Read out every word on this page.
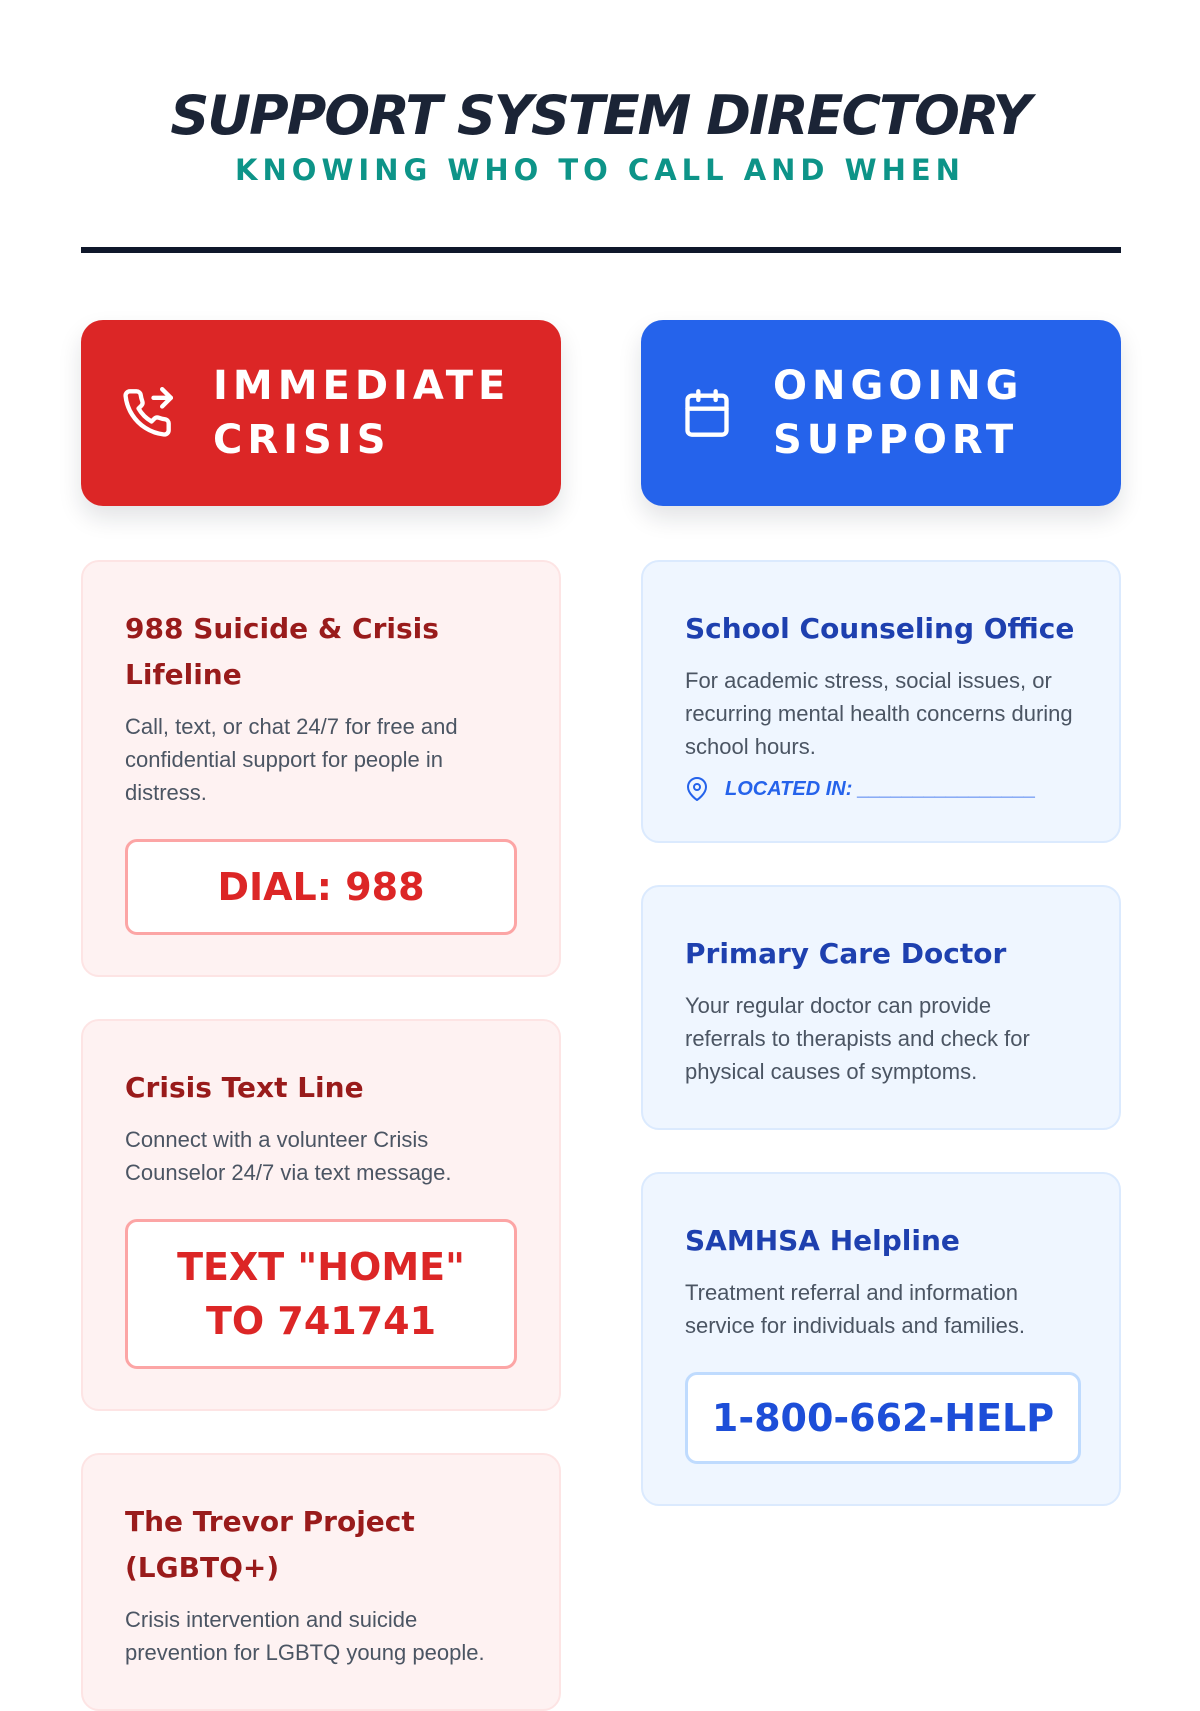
SUPPORT SYSTEM DIRECTORY
KNOWING WHO TO CALL AND WHEN
IMMEDIATE CRISIS
988 Suicide & Crisis Lifeline
Call, text, or chat 24/7 for free and confidential support for people in distress.
DIAL: 988
Crisis Text Line
Connect with a volunteer Crisis Counselor 24/7 via text message.
TEXT "HOME" TO 741741
The Trevor Project (LGBTQ+)
Crisis intervention and suicide prevention for LGBTQ young people.
ONGOING SUPPORT
School Counseling Office
For academic stress, social issues, or recurring mental health concerns during school hours.
LOCATED IN: ________________
Primary Care Doctor
Your regular doctor can provide referrals to therapists and check for physical causes of symptoms.
SAMHSA Helpline
Treatment referral and information service for individuals and families.
1-800-662-HELP
